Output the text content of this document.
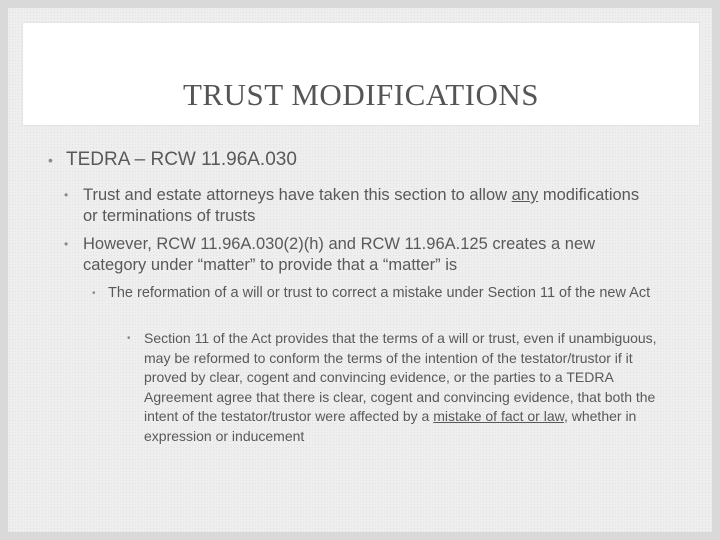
TRUST MODIFICATIONS
• TEDRA – RCW 11.96A.030
• Trust and estate attorneys have taken this section to allow any modifications or terminations of trusts
• However, RCW 11.96A.030(2)(h) and RCW 11.96A.125 creates a new category under “matter” to provide that a “matter” is
• The reformation of a will or trust to correct a mistake under Section 11 of the new Act
• Section 11 of the Act provides that the terms of a will or trust, even if unambiguous, may be reformed to conform the terms of the intention of the testator/trustor if it proved by clear, cogent and convincing evidence, or the parties to a TEDRA Agreement agree that there is clear, cogent and convincing evidence, that both the intent of the testator/trustor were affected by a mistake of fact or law, whether in expression or inducement
